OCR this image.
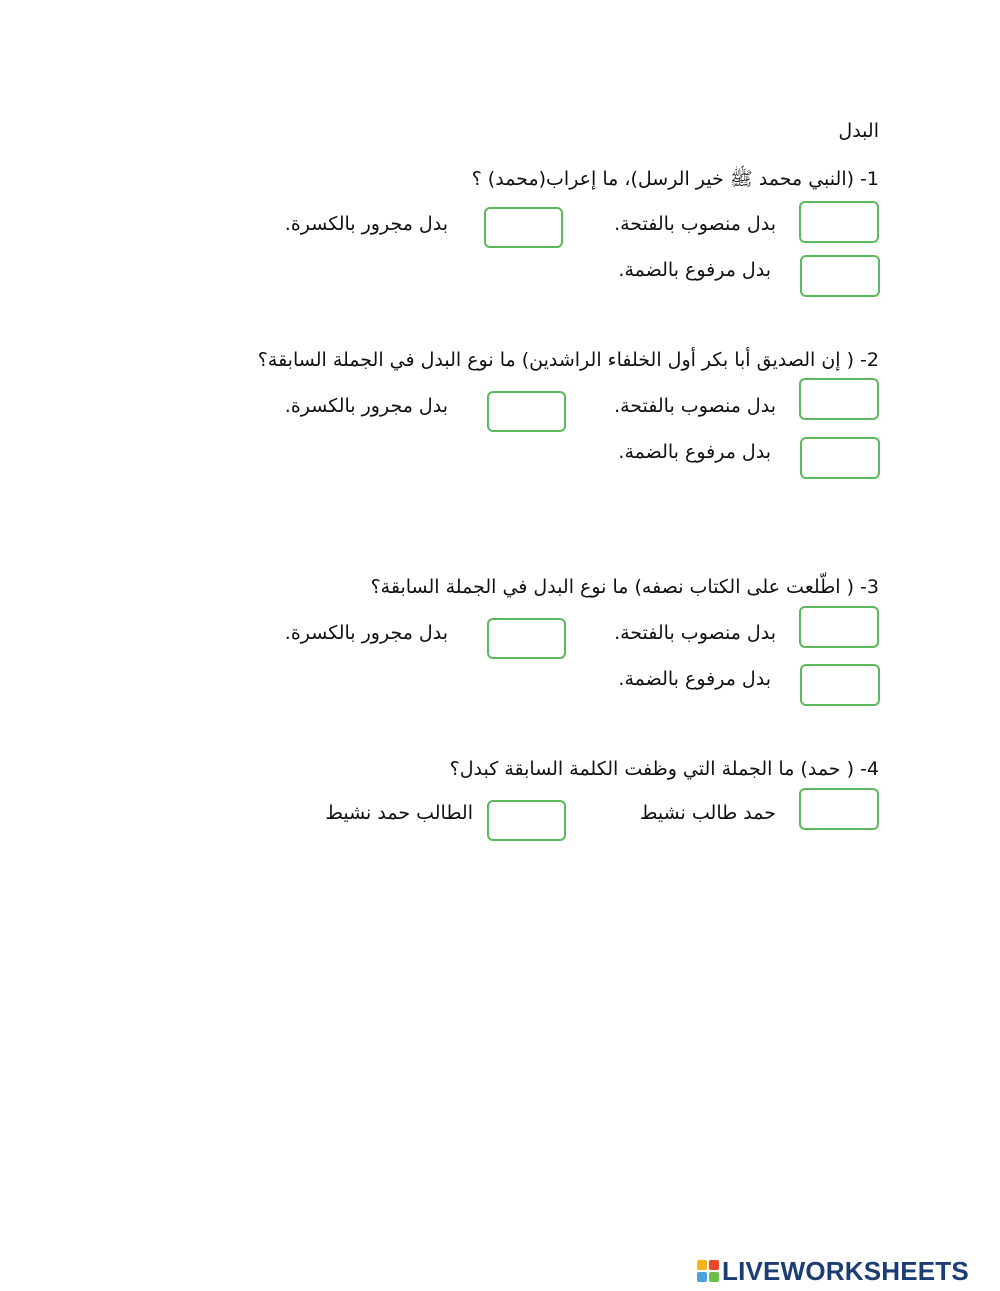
البدل
1- (النبي محمد ﷺ خير الرسل)، ما إعراب(محمد) ؟
بدل منصوب بالفتحة.
بدل مجرور بالكسرة.
بدل مرفوع بالضمة.
2- ( إن الصديق أبا بكر أول الخلفاء الراشدين) ما نوع البدل في الجملة السابقة؟
بدل منصوب بالفتحة.
بدل مجرور بالكسرة.
بدل مرفوع بالضمة.
3- ( اطّلعت على الكتاب نصفه) ما نوع البدل في الجملة السابقة؟
بدل منصوب بالفتحة.
بدل مجرور بالكسرة.
بدل مرفوع بالضمة.
4- ( حمد) ما الجملة التي وظفت الكلمة السابقة كبدل؟
حمد طالب نشيط
الطالب حمد نشيط
LIVEWORKSHEETS
